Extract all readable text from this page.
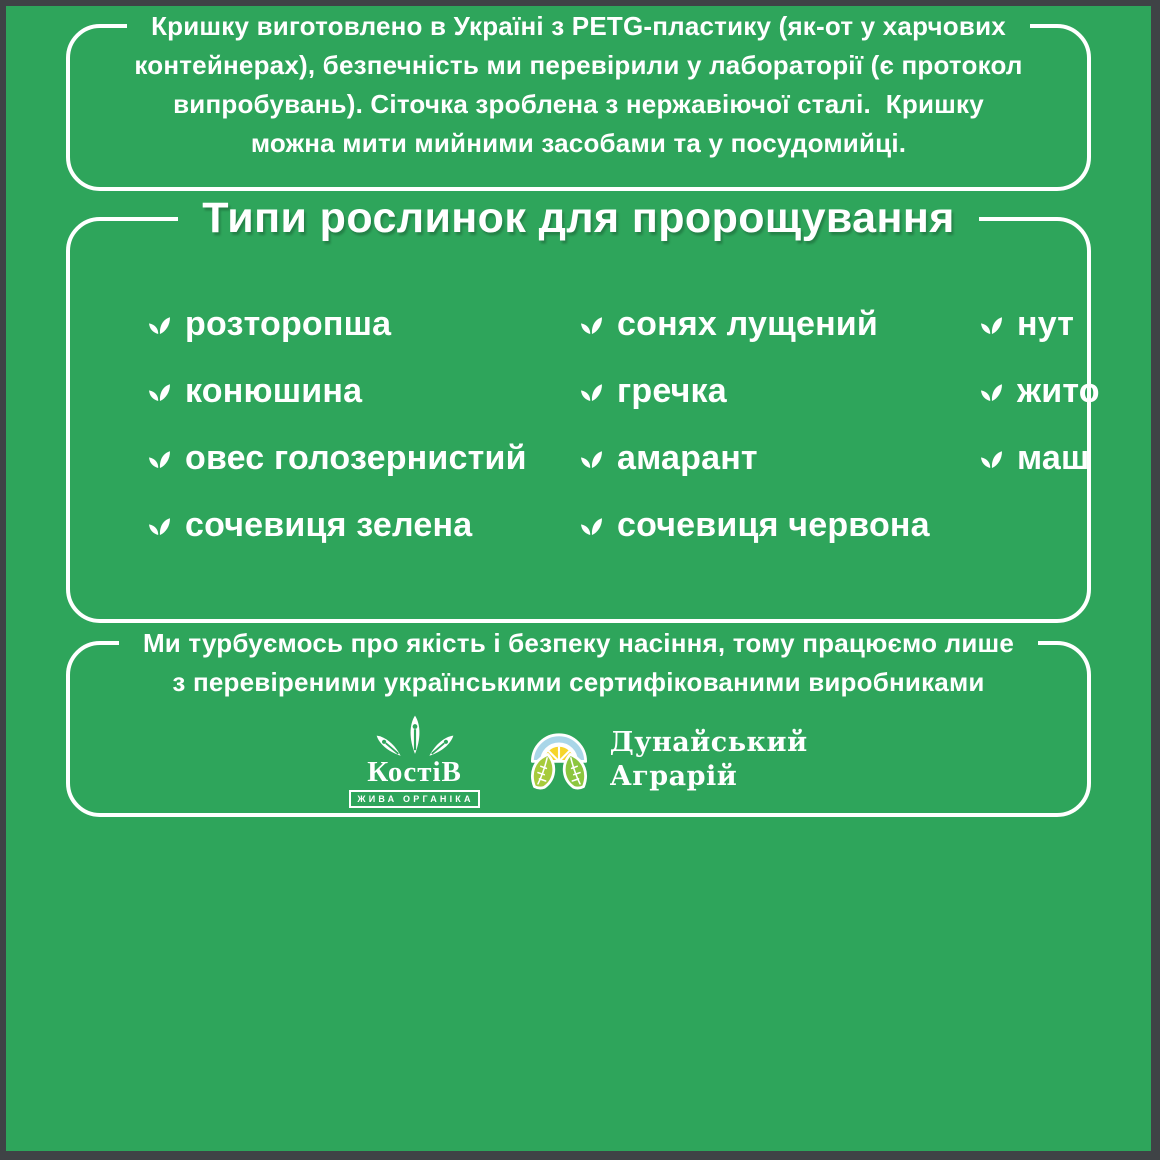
Кришку виготовлено в Україні з PETG-пластику (як-от у харчових

контейнерах), безпечність ми перевірили у лабораторії (є протокол

випробувань). Сіточка зроблена з нержавіючої сталі.  Кришку

можна мити мийними засобами та у посудомийці.

Типи рослинок для пророщування
розторопша
конюшина
овес голозернистий
сочевиця зелена
сонях лущений
гречка
амарант
сочевиця червона
нут
жито
маш
Ми турбуємось про якість і безпеку насіння, тому працюємо лише

з перевіреними українськими сертифікованими виробниками

КостіВ
ЖИВА ОРГАНІКА
Дунайський
Аграрій
